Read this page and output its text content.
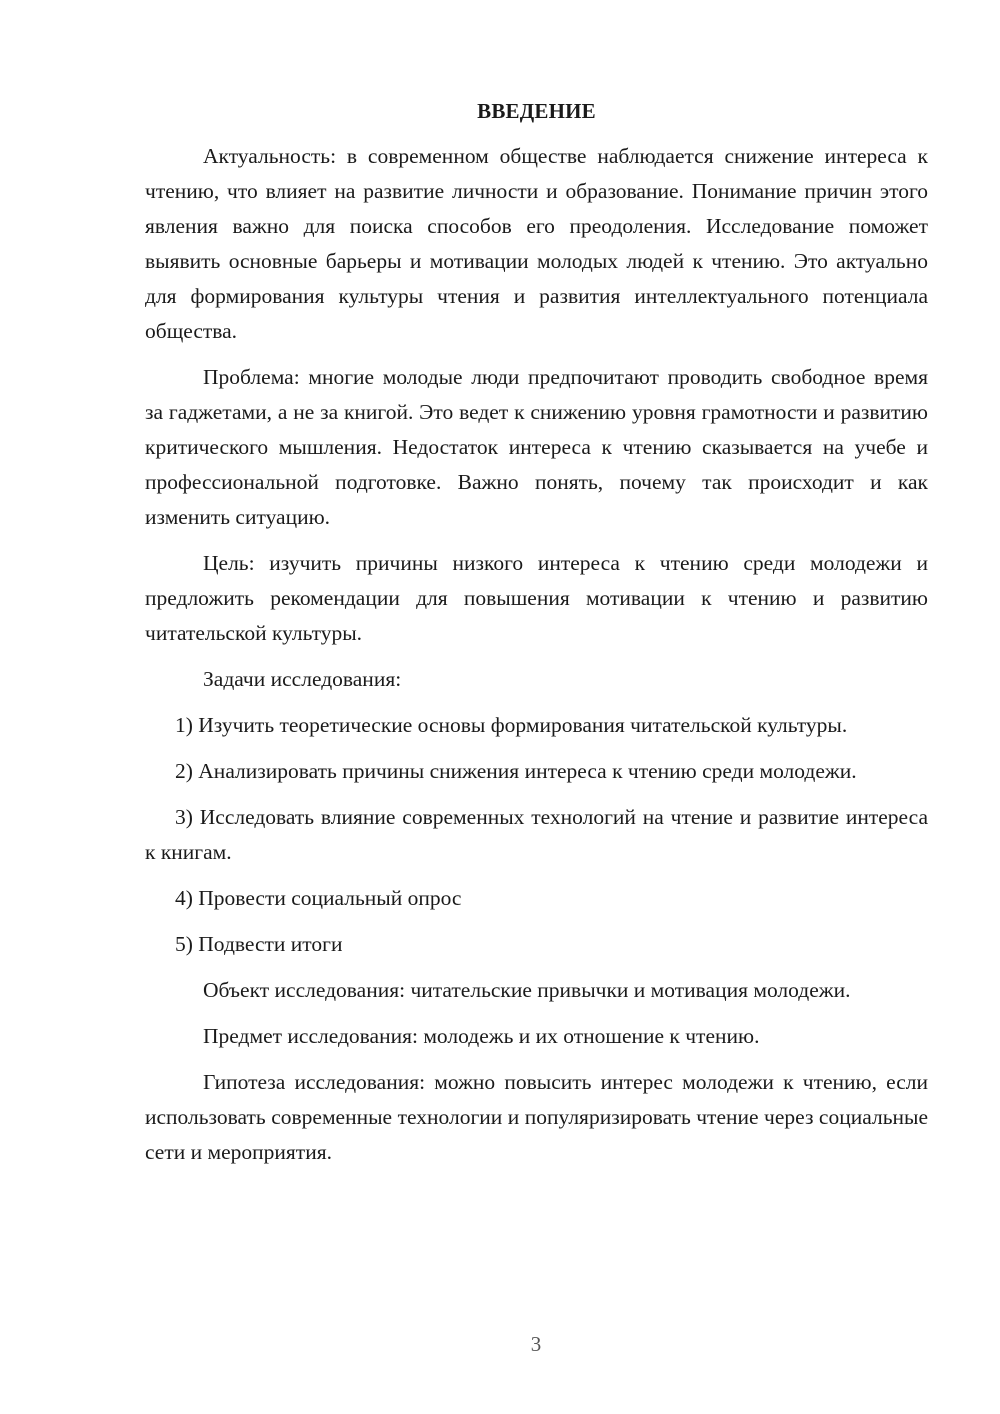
ВВЕДЕНИЕ

Актуальность: в современном обществе наблюдается снижение интереса к чтению, что влияет на развитие личности и образование. Понимание причин этого явления важно для поиска способов его преодоления. Исследование поможет выявить основные барьеры и мотивации молодых людей к чтению. Это актуально для формирования культуры чтения и развития интеллектуального потенциала общества.

Проблема: многие молодые люди предпочитают проводить свободное время за гаджетами, а не за книгой. Это ведет к снижению уровня грамотности и развитию критического мышления. Недостаток интереса к чтению сказывается на учебе и профессиональной подготовке. Важно понять, почему так происходит и как изменить ситуацию.

Цель: изучить причины низкого интереса к чтению среди молодежи и предложить рекомендации для повышения мотивации к чтению и развитию читательской культуры.

Задачи исследования:

1) Изучить теоретические основы формирования читательской культуры.

2) Анализировать причины снижения интереса к чтению среди молодежи.

3) Исследовать влияние современных технологий на чтение и развитие интереса к книгам.

4) Провести социальный опрос

5) Подвести итоги

Объект исследования: читательские привычки и мотивация молодежи.

Предмет исследования: молодежь и их отношение к чтению.

Гипотеза исследования: можно повысить интерес молодежи к чтению, если использовать современные технологии и популяризировать чтение через социальные сети и мероприятия.

3
